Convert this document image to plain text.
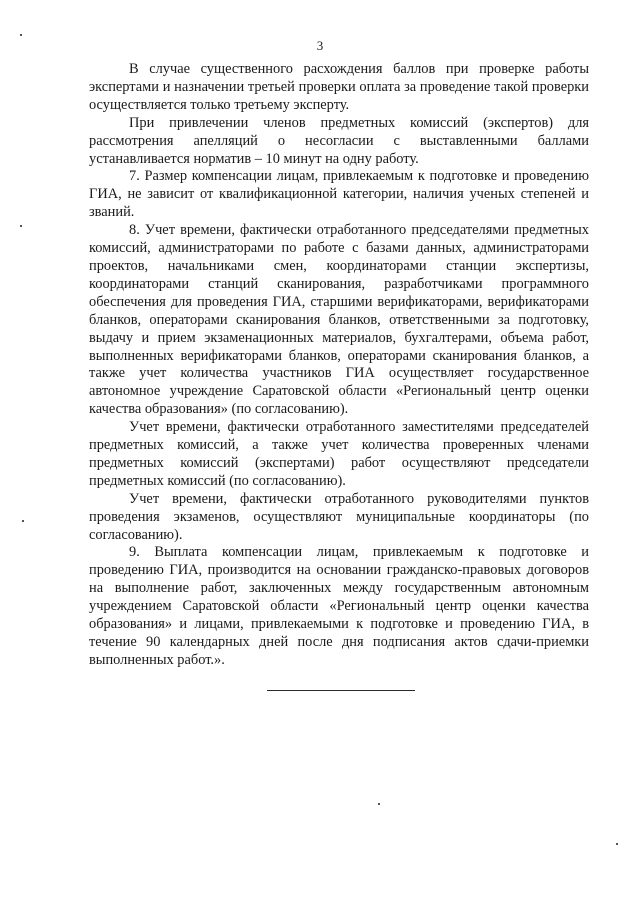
3

В случае существенного расхождения баллов при проверке работы экспертами и назначении третьей проверки оплата за проведение такой проверки осуществляется только третьему эксперту.

При привлечении членов предметных комиссий (экспертов) для рассмотрения апелляций о несогласии с выставленными баллами устанавливается норматив – 10 минут на одну работу.

7. Размер компенсации лицам, привлекаемым к подготовке и проведению ГИА, не зависит от квалификационной категории, наличия ученых степеней и званий.

8. Учет времени, фактически отработанного председателями предметных комиссий, администраторами по работе с базами данных, администраторами проектов, начальниками смен, координаторами станции экспертизы, координаторами станций сканирования, разработчиками программного обеспечения для проведения ГИА, старшими верификаторами, верификаторами бланков, операторами сканирования бланков, ответственными за подготовку, выдачу и прием экзаменационных материалов, бухгалтерами, объема работ, выполненных верификаторами бланков, операторами сканирования бланков, а также учет количества участников ГИА осуществляет государственное автономное учреждение Саратовской области «Региональный центр оценки качества образования» (по согласованию).

Учет времени, фактически отработанного заместителями председателей предметных комиссий, а также учет количества проверенных членами предметных комиссий (экспертами) работ осуществляют председатели предметных комиссий (по согласованию).

Учет времени, фактически отработанного руководителями пунктов проведения экзаменов, осуществляют муниципальные координаторы (по согласованию).

9. Выплата компенсации лицам, привлекаемым к подготовке и проведению ГИА, производится на основании гражданско-правовых договоров на выполнение работ, заключенных между государственным автономным учреждением Саратовской области «Региональный центр оценки качества образования» и лицами, привлекаемыми к подготовке и проведению ГИА, в течение 90 календарных дней после дня подписания актов сдачи-приемки выполненных работ.».
